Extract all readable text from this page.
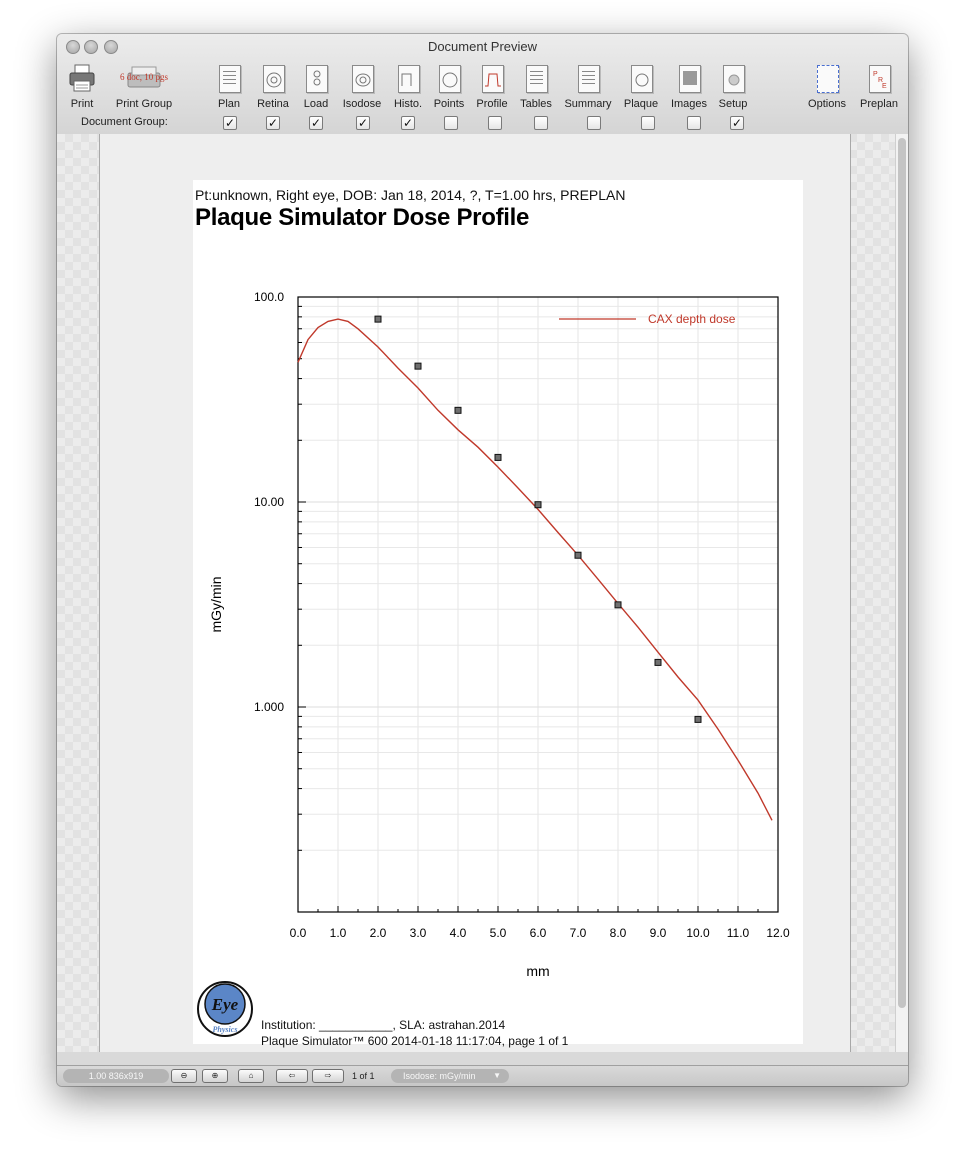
Document Preview
Print
6 doc, 10 pgs
Print Group	Plan	Retina	Load	Isodose	Histo.	Points	Profile	Tables Summary Plaque	Images	Setup	Options
P
R
E
Preplan
Document Group:	✓	✓	✓	✓	✓	✓
Pt:unknown, Right eye, DOB: Jan 18, 2014, ?, T=1.00 hrs, PREPLAN
Plaque Simulator Dose Profile
0.0 1.0 2.0 3.0 4.0 5.0 6.0 7.0 8.0 9.0 10.0 11.0 12.0
100.0
10.00
1.000
CAX depth dose
mm
mGy/min
Eye
Physics Institution: ___________, SLA: astrahan.2014
Plaque Simulator™ 600 2014-01-18 11:17:04, page 1 of 1
1.00 836x919	⊖	⊕	⌂	⇦	⇨	1 of 1	Isodose: mGy/min ▼
